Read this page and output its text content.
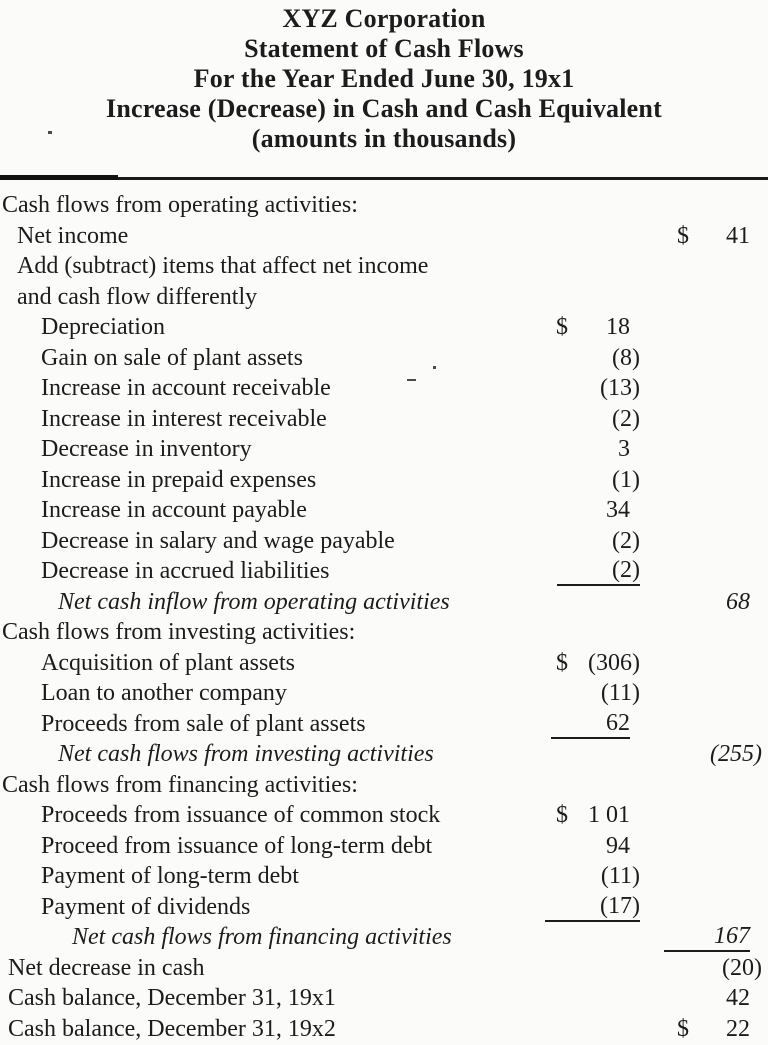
XYZ Corporation
Statement of Cash Flows
For the Year Ended June 30, 19x1
Increase (Decrease) in Cash and Cash Equivalent
(amounts in thousands)
Cash flows from operating activities:
Net income	$ 41
Add (subtract) items that affect net income
and cash flow differently
Depreciation	$ 18
Gain on sale of plant assets	(8)
Increase in account receivable	(13)
Increase in interest receivable	(2)
Decrease in inventory	3
Increase in prepaid expenses	(1)
Increase in account payable	34
Decrease in salary and wage payable	(2)
Decrease in accrued liabilities	(2)
Net cash inflow from operating activities	68
Cash flows from investing activities:
Acquisition of plant assets	$ (306)
Loan to another company	(11)
Proceeds from sale of plant assets	62
Net cash flows from investing activities	(255)
Cash flows from financing activities:
Proceeds from issuance of common stock	$ 1 01
Proceed from issuance of long-term debt	94
Payment of long-term debt	(11)
Payment of dividends	(17)
Net cash flows from financing activities	167
Net decrease in cash	(20)
Cash balance, December 31, 19x1	42
Cash balance, December 31, 19x2	$ 22
